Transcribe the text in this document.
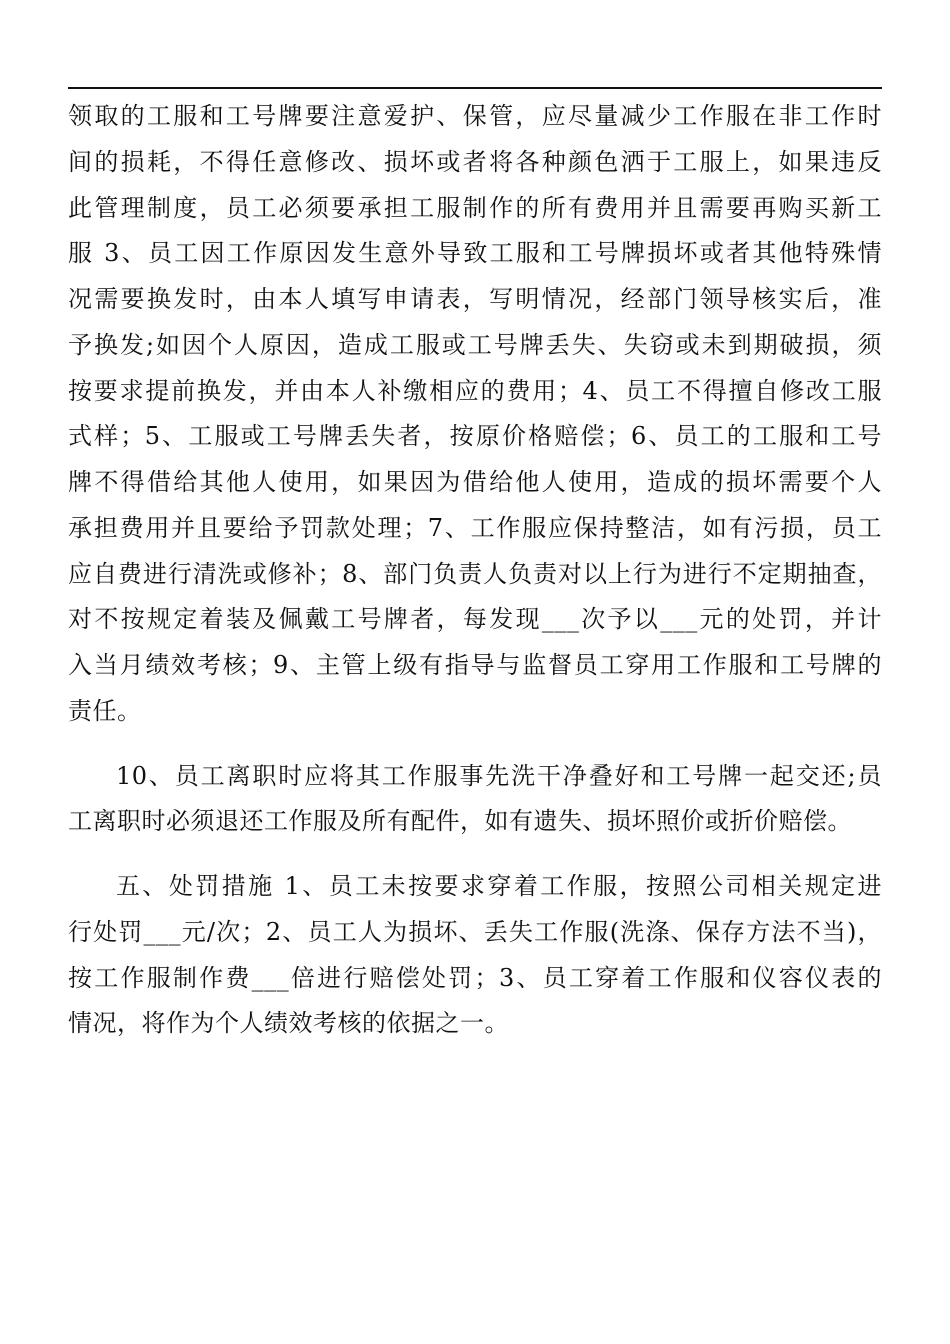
领取的工服和工号牌要注意爱护、保管，应尽量减少工作服在非工作时
间的损耗，不得任意修改、损坏或者将各种颜色洒于工服上，如果违反
此管理制度，员工必须要承担工服制作的所有费用并且需要再购买新工
服 3、员工因工作原因发生意外导致工服和工号牌损坏或者其他特殊情
况需要换发时，由本人填写申请表，写明情况，经部门领导核实后，准
予换发;如因个人原因，造成工服或工号牌丢失、失窃或未到期破损，须
按要求提前换发，并由本人补缴相应的费用；4、员工不得擅自修改工服
式样；5、工服或工号牌丢失者，按原价格赔偿；6、员工的工服和工号
牌不得借给其他人使用，如果因为借给他人使用，造成的损坏需要个人
承担费用并且要给予罚款处理；7、工作服应保持整洁，如有污损，员工
应自费进行清洗或修补；8、部门负责人负责对以上行为进行不定期抽查，
对不按规定着装及佩戴工号牌者，每发现___次予以___元的处罚，并计
入当月绩效考核；9、主管上级有指导与监督员工穿用工作服和工号牌的
责任。
10、员工离职时应将其工作服事先洗干净叠好和工号牌一起交还;员
工离职时必须退还工作服及所有配件，如有遗失、损坏照价或折价赔偿。
五、处罚措施 1、员工未按要求穿着工作服，按照公司相关规定进
行处罚___元/次；2、员工人为损坏、丢失工作服(洗涤、保存方法不当)，
按工作服制作费___倍进行赔偿处罚；3、员工穿着工作服和仪容仪表的
情况，将作为个人绩效考核的依据之一。
